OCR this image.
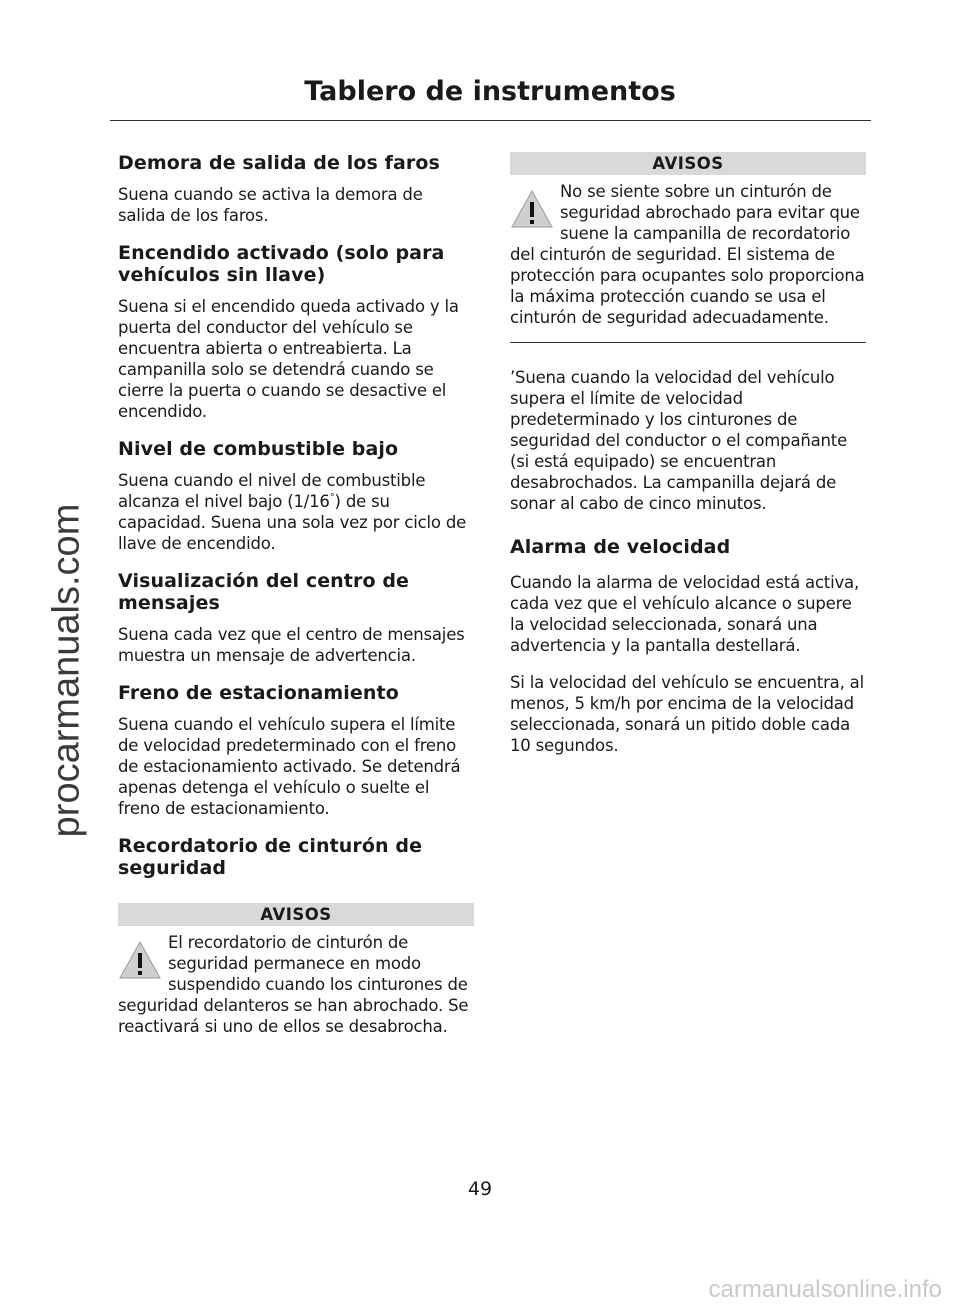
procarmanuals.com
Tablero de instrumentos
Demora de salida de los faros

Suena cuando se activa la demora de salida de los faros.

Encendido activado (solo para vehículos sin llave)

Suena si el encendido queda activado y la puerta del conductor del vehículo se encuentra abierta o entreabierta. La campanilla solo se detendrá cuando se cierre la puerta o cuando se desactive el encendido.

Nivel de combustible bajo

Suena cuando el nivel de combustible alcanza el nivel bajo (1/16°) de su capacidad. Suena una sola vez por ciclo de llave de encendido.

Visualización del centro de mensajes

Suena cada vez que el centro de mensajes muestra un mensaje de advertencia.

Freno de estacionamiento

Suena cuando el vehículo supera el límite de velocidad predeterminado con el freno de estacionamiento activado. Se detendrá apenas detenga el vehículo o suelte el freno de estacionamiento.

Recordatorio de cinturón de seguridad
AVISOS
El recordatorio de cinturón de seguridad permanece en modo suspendido cuando los cinturones de seguridad delanteros se han abrochado. Se reactivará si uno de ellos se desabrocha.
AVISOS
No se siente sobre un cinturón de seguridad abrochado para evitar que suene la campanilla de recordatorio del cinturón de seguridad. El sistema de protección para ocupantes solo proporciona la máxima protección cuando se usa el cinturón de seguridad adecuadamente.

’Suena cuando la velocidad del vehículo supera el límite de velocidad predeterminado y los cinturones de seguridad del conductor o el compañante (si está equipado) se encuentran desabrochados. La campanilla dejará de sonar al cabo de cinco minutos.

Alarma de velocidad

Cuando la alarma de velocidad está activa, cada vez que el vehículo alcance o supere la velocidad seleccionada, sonará una advertencia y la pantalla destellará.

Si la velocidad del vehículo se encuentra, al menos, 5 km/h por encima de la velocidad seleccionada, sonará un pitido doble cada 10 segundos.

49
carmanualsonline.info
